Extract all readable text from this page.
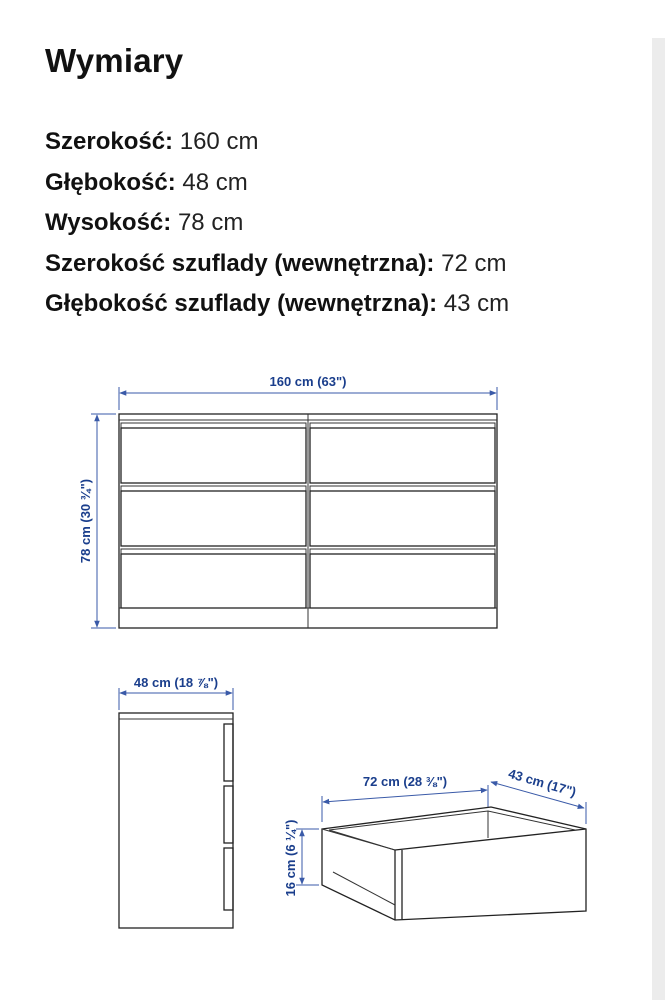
Wymiary
Szerokość: 160 cm
Głębokość: 48 cm
Wysokość: 78 cm
Szerokość szuflady (wewnętrzna): 72 cm
Głębokość szuflady (wewnętrzna): 43 cm
160 cm (63")
78 cm (30 ¾")
48 cm (18 ⅞")
72 cm (28 ⅜")	43 cm (17")
16 cm (6 ¼")
